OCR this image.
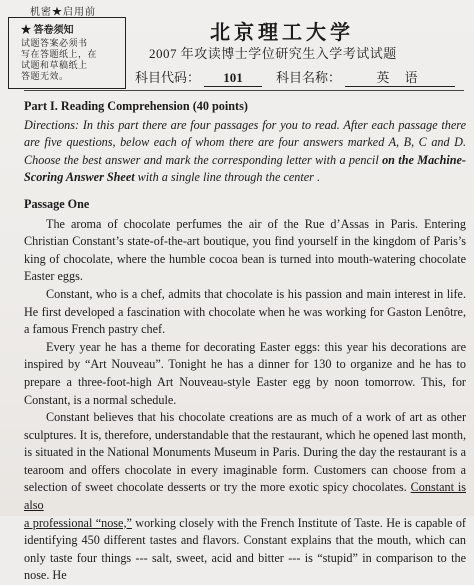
机密★启用前
★ 答卷须知
试题答案必须书
写在答题纸上，在
试题和草稿纸上
答题无效。
北京理工大学
2007 年攻读博士学位研究生入学考试试题
科目代码： 101	科目名称：	英 语

Part I. Reading Comprehension (40 points)

Directions: In this part there are four passages for you to read. After each passage there are five questions, below each of whom there are four answers marked A, B, C and D. Choose the best answer and mark the corresponding letter with a pencil on the Machine-Scoring Answer Sheet with a single line through the center .

Passage One

The aroma of chocolate perfumes the air of the Rue d’Assas in Paris. Entering Christian Constant’s state-of-the-art boutique, you find yourself in the kingdom of Paris’s king of chocolate, where the humble cocoa bean is turned into mouth-watering chocolate Easter eggs.

Constant, who is a chef, admits that chocolate is his passion and main interest in life. He first developed a fascination with chocolate when he was working for Gaston Lenôtre, a famous French pastry chef.

Every year he has a theme for decorating Easter eggs: this year his decorations are inspired by “Art Nouveau”. Tonight he has a dinner for 130 to organize and he has to prepare a three-foot-high Art Nouveau-style Easter egg by noon tomorrow. This, for Constant, is a normal schedule.

Constant believes that his chocolate creations are as much of a work of art as other sculptures. It is, therefore, understandable that the restaurant, which he opened last month, is situated in the National Monuments Museum in Paris. During the day the restaurant is a tearoom and offers chocolate in every imaginable form. Customers can choose from a selection of sweet chocolate desserts or try the more exotic spicy chocolates. Constant is also
a professional “nose,” working closely with the French Institute of Taste. He is capable of identifying 450 different tastes and flavors. Constant explains that the mouth, which can only taste four things --- salt, sweet, acid and bitter --- is “stupid” in comparison to the nose. He
